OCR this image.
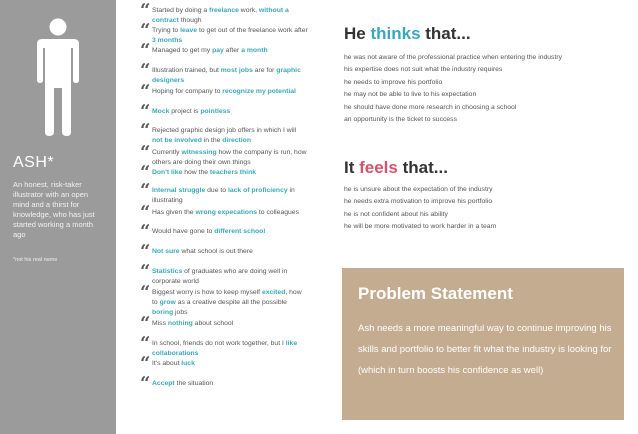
ASH*
An honest, risk-taker illustrator with an open mind and a thirst for knowledge, who has just started working a month ago
*not his real name
“ Started by doing a freelance work, without a contract though
“ Trying to leave to get out of the freelance work after 3 months
“ Managed to get my pay after a month
“ Illustration trained, but most jobs are for graphic designers
“ Hoping for company to recognize my potential
“ Mock project is pointless
“ Rejected graphic design job offers in which I will not be involved in the direction
“ Currently witnessing how the company is run, how others are doing their own things
“ Don't like how the teachers think
“ Internal struggle due to lack of proficiency in illustrating
“ Has given the wrong expecations to colleagues
“ Would have gone to different school
“ Not sure what school is out there
“ Statistics of graduates who are doing well in corporate world
“ Biggest worry is how to keep myself excited, how to grow as a creative despite all the possible boring jobs
“ Miss nothing about school
“ In school, friends do not work together, but I like collaborations
“ It's about luck
“ Accept the situation
He thinks that...
he was not aware of the professional practice when entering the industry
his expertise does not suit what the industry requires
he needs to improve his portfolio
he may not be able to live to his expectation
he should have done more research in choosing a school
an opportunity is the ticket to success
It feels that...
he is unsure about the expectation of the industry
he needs extra motivation to improve his portfolio
he is not confident about his ability
he will be more motivated to work harder in a team
Problem Statement
Ash needs a more meaningful way to continue improving his skills and portfolio to better fit what the industry is looking for (which in turn boosts his confidence as well)
